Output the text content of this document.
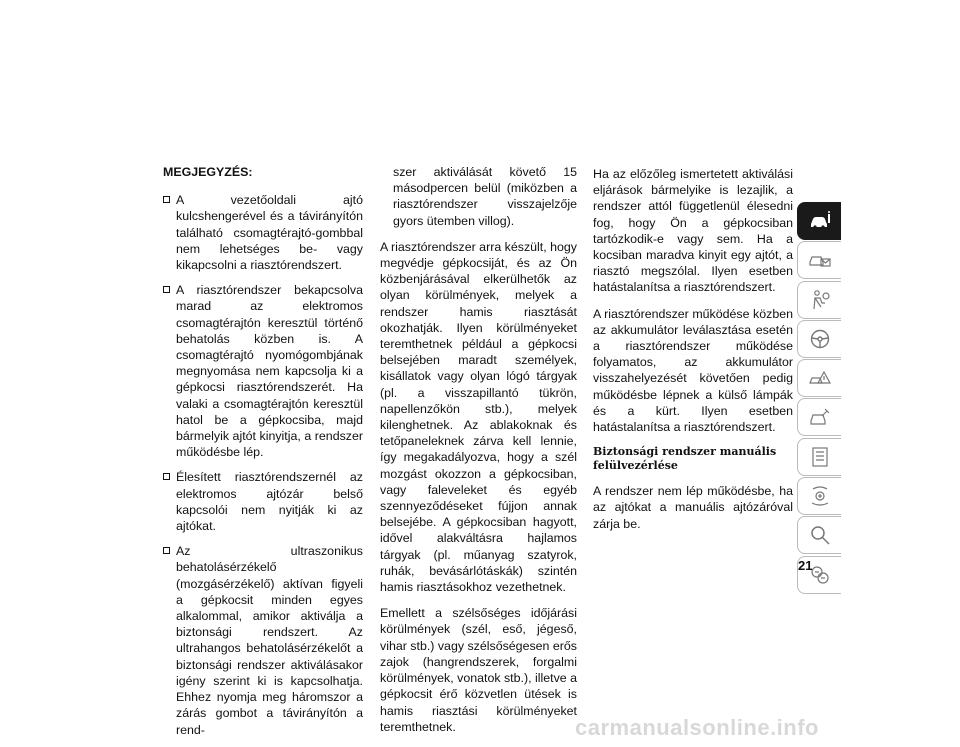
MEGJEGYZÉS:
A vezetőoldali ajtó kulcshengerével és a távirányítón található csomagtérajtó-gombbal nem lehetséges be- vagy kikapcsolni a riasztórendszert.
A riasztórendszer bekapcsolva marad az elektromos csomagtérajtón keresztül történő behatolás közben is. A csomagtérajtó nyomógombjának megnyomása nem kapcsolja ki a gépkocsi riasztórendszerét. Ha valaki a csomagtérajtón keresztül hatol be a gépkocsiba, majd bármelyik ajtót kinyitja, a rendszer működésbe lép.
Élesített riasztórendszernél az elektromos ajtózár belső kapcsolói nem nyitják ki az ajtókat.
Az ultraszonikus behatolásérzékelő (mozgásérzékelő) aktívan figyeli a gépkocsit minden egyes alkalommal, amikor aktiválja a biztonsági rendszert. Az ultrahangos behatolásérzékelőt a biztonsági rendszer aktiválásakor igény szerint ki is kapcsolhatja. Ehhez nyomja meg háromszor a zárás gombot a távirányítón a rend-
szer aktiválását követő 15 másodpercen belül (miközben a riasztórendszer visszajelzője gyors ütemben villog).

A riasztórendszer arra készült, hogy megvédje gépkocsiját, és az Ön közbenjárásával elkerülhetők az olyan körülmények, melyek a rendszer hamis riasztását okozhatják. Ilyen körülményeket teremthetnek például a gépkocsi belsejében maradt személyek, kisállatok vagy olyan lógó tárgyak (pl. a visszapillantó tükrön, napellenzőkön stb.), melyek kilenghetnek. Az ablakoknak és tetőpaneleknek zárva kell lennie, így megakadályozva, hogy a szél mozgást okozzon a gépkocsiban, vagy faleveleket és egyéb szennyeződéseket fújjon annak belsejébe. A gépkocsiban hagyott, idővel alakváltásra hajlamos tárgyak (pl. műanyag szatyrok, ruhák, bevásárlótáskák) szintén hamis riasztásokhoz vezethetnek.

Emellett a szélsőséges időjárási körülmények (szél, eső, jégeső, vihar stb.) vagy szélsőségesen erős zajok (hangrendszerek, forgalmi körülmények, vonatok stb.), illetve a gépkocsit érő közvetlen ütések is hamis riasztási körülményeket teremthetnek.

Ha az előzőleg ismertetett aktiválási eljárások bármelyike is lezajlik, a rendszer attól függetlenül élesedni fog, hogy Ön a gépkocsiban tartózkodik-e vagy sem. Ha a kocsiban maradva kinyit egy ajtót, a riasztó megszólal. Ilyen esetben hatástalanítsa a riasztórendszert.

A riasztórendszer működése közben az akkumulátor leválasztása esetén a riasztórendszer működése folyamatos, az akkumulátor visszahelyezését követően pedig működésbe lépnek a külső lámpák és a kürt. Ilyen esetben hatástalanítsa a riasztórendszert.

Biztonsági rendszer manuális felülvezérlése

A rendszer nem lép működésbe, ha az ajtókat a manuális ajtózáróval zárja be.

21
carmanualsonline.info
